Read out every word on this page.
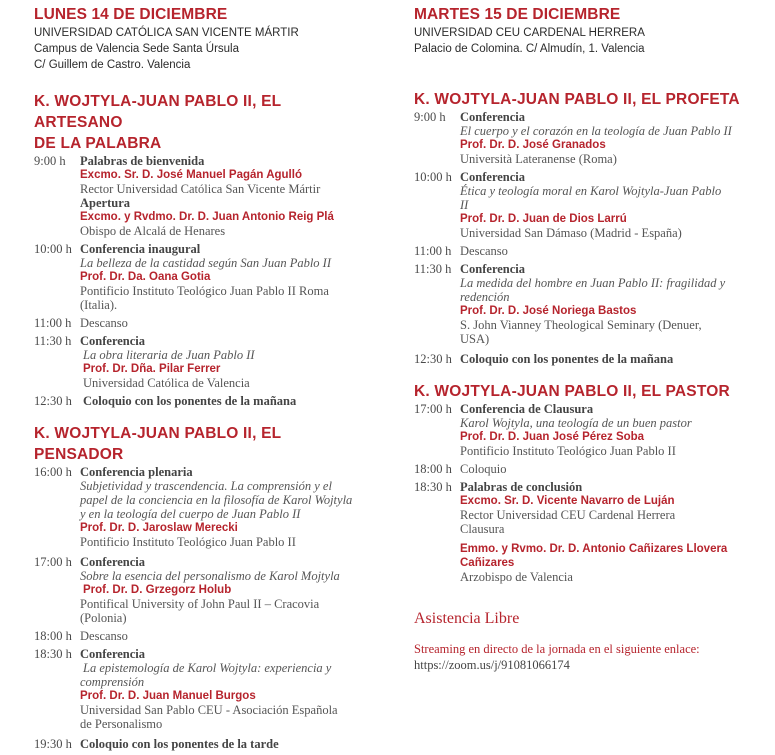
LUNES 14 DE DICIEMBRE
UNIVERSIDAD CATÓLICA SAN VICENTE MÁRTIR
Campus de Valencia Sede Santa Úrsula
C/ Guillem de Castro. Valencia
K. WOJTYLA-JUAN PABLO II, EL ARTESANO
DE LA PALABRA
9:00 h	Palabras de bienvenida
Excmo. Sr. D. José Manuel Pagán Agulló
Rector Universidad Católica San Vicente Mártir
Apertura
Excmo. y Rvdmo. Dr. D. Juan Antonio Reig Plá
Obispo de Alcalá de Henares
10:00 h Conferencia inaugural
La belleza de la castidad según San Juan Pablo II
Prof. Dr. Da. Oana Gotia
Pontificio Instituto Teológico Juan Pablo II Roma
(Italia).
11:00 h Descanso
11:30 h Conferencia
La obra literaria de Juan Pablo II
Prof. Dr. Dña. Pilar Ferrer
Universidad Católica de Valencia
12:30 h Coloquio con los ponentes de la mañana
K. WOJTYLA-JUAN PABLO II, EL PENSADOR
16:00 h Conferencia plenaria
Subjetividad y trascendencia. La comprensión y el
papel de la conciencia en la filosofía de Karol Wojtyla
y en la teología del cuerpo de Juan Pablo II
Prof. Dr. D. Jaroslaw Merecki
Pontificio Instituto Teológico Juan Pablo II
17:00 h Conferencia
Sobre la esencia del personalismo de Karol Mojtyla
Prof. Dr. D. Grzegorz Holub
Pontifical University of John Paul II – Cracovia
(Polonia)
18:00 h Descanso
18:30 h Conferencia
La epistemología de Karol Wojtyla: experiencia y
comprensión
Prof. Dr. D. Juan Manuel Burgos
Universidad San Pablo CEU - Asociación Española
de Personalismo
19:30 h Coloquio con los ponentes de la tarde
MARTES 15 DE DICIEMBRE
UNIVERSIDAD CEU CARDENAL HERRERA
Palacio de Colomina. C/ Almudín, 1. Valencia
K. WOJTYLA-JUAN PABLO II, EL PROFETA
9:00 h	Conferencia
El cuerpo y el corazón en la teología de Juan Pablo II
Prof. Dr. D. José Granados
Università Lateranense (Roma)
10:00 h Conferencia
Ética y teología moral en Karol Wojtyla-Juan Pablo
II
Prof. Dr. D. Juan de Dios Larrú
Universidad San Dámaso (Madrid - España)
11:00 h Descanso
11:30 h Conferencia
La medida del hombre en Juan Pablo II: fragilidad y
redención
Prof. Dr. D. José Noriega Bastos
S. John Vianney Theological Seminary (Denuer,
USA)
12:30 h Coloquio con los ponentes de la mañana
K. WOJTYLA-JUAN PABLO II, EL PASTOR
17:00 h Conferencia de Clausura
Karol Wojtyla, una teología de un buen pastor
Prof. Dr. D. Juan José Pérez Soba
Pontificio Instituto Teológico Juan Pablo II
18:00 h Coloquio
18:30 h Palabras de conclusión
Excmo. Sr. D. Vicente Navarro de Luján
Rector Universidad CEU Cardenal Herrera
Clausura
Emmo. y Rvmo. Dr. D. Antonio Cañizares Llovera
Cañizares
Arzobispo de Valencia
Asistencia Libre
Streaming en directo de la jornada en el siguiente enlace:
https://zoom.us/j/91081066174
